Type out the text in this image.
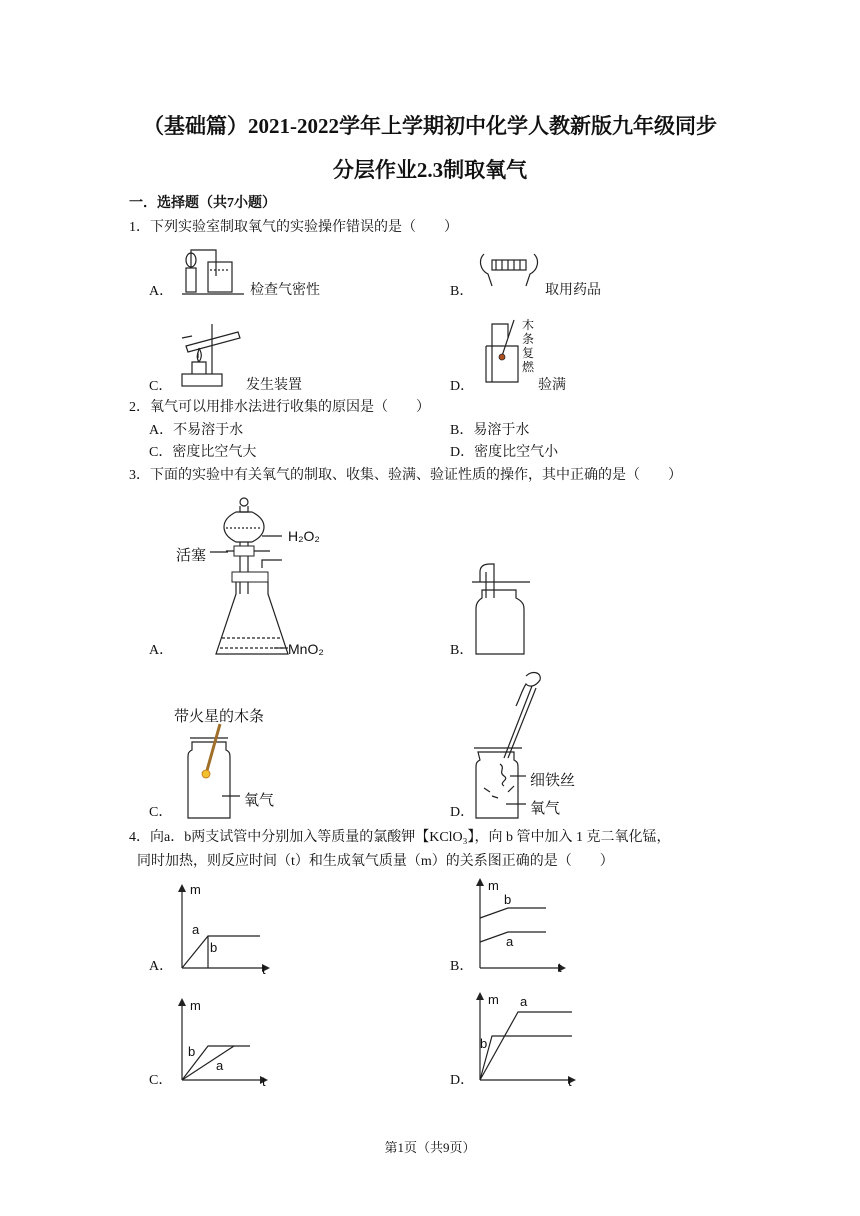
（基础篇）2021-2022学年上学期初中化学人教新版九年级同步
分层作业2.3制取氧气
一．选择题（共7小题）
1．下列实验室制取氧气的实验操作错误的是（　　）
A．	检查气密性	B．	取用药品
C．	发生装置
木
条
复
燃
D．	验满
2．氧气可以用排水法进行收集的原因是（　　）
A．不易溶于水	B．易溶于水
C．密度比空气大	D．密度比空气小
3．下面的实验中有关氧气的制取、收集、验满、验证性质的操作，其中正确的是（　　）
活塞
H₂O₂
MnO₂
A．	B．
带火星的木条
氧气
C．
细铁丝
氧气
D．
4．向a．b两支试管中分别加入等质量的氯酸钾【KClO₃】，向 b 管中加入 1 克二氧化锰，
同时加热，则反应时间（t）和生成氧气质量（m）的关系图正确的是（　　）
m
t
a
b
A．
m
t
b
a
B．
m
t
b
a
C．
m
t
a
b
D．
第1页（共9页）
